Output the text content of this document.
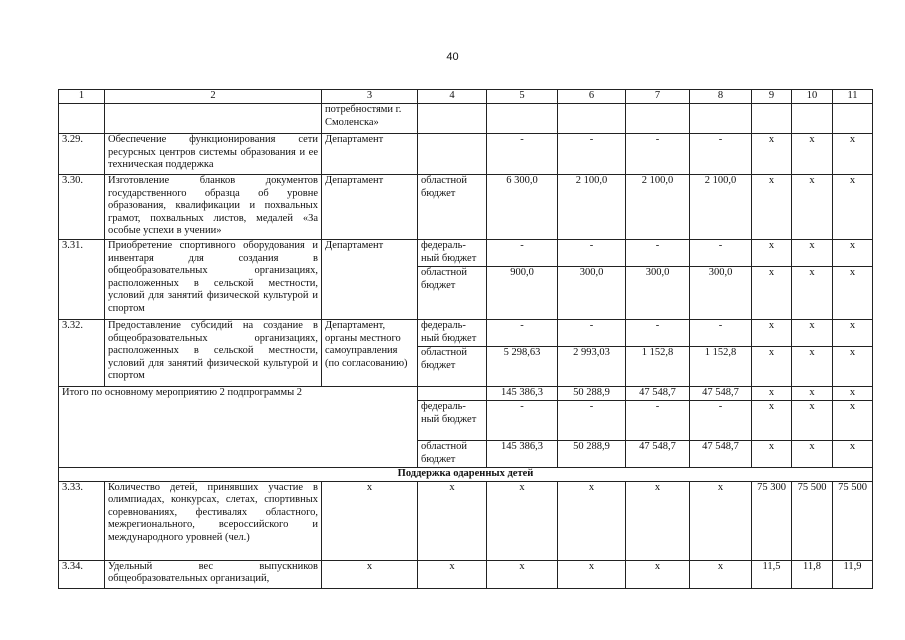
40
1	2	3	4	5	6	7	8	9	10	11
		потребностями г. Смоленска»								
3.29.	Обеспечение функционирования сети ресурсных центров системы образования и ее техническая поддержка	Департамент		-	-	-	-	x	x	x
3.30.	Изготовление бланков документов государственного образца об уровне образования, квалификации и похвальных грамот, похвальных листов, медалей «За особые успехи в учении»	Департамент	областной бюджет	6 300,0	2 100,0	2 100,0	2 100,0	x	x	x
3.31.	Приобретение спортивного оборудования и инвентаря для создания в общеобразовательных организациях, расположенных в сельской местности, условий для занятий физической культурой и спортом	Департамент	федераль-ный бюджет	-	-	-	-	x	x	x
			областной бюджет	900,0	300,0	300,0	300,0	x	x	x
3.32.	Предоставление субсидий на создание в общеобразовательных организациях, расположенных в сельской местности, условий для занятий физической культурой и спортом	Департамент, органы местного самоуправления (по согласованию)	федераль-ный бюджет	-	-	-	-	x	x	x
			областной бюджет	5 298,63	2 993,03	1 152,8	1 152,8	x	x	x
Итого по основному мероприятию 2 подпрограммы 2				145 386,3	50 288,9	47 548,7	47 548,7	x	x	x
			федераль-ный бюджет	-	-	-	-	x	x	x
			областной бюджет	145 386,3	50 288,9	47 548,7	47 548,7	x	x	x
Поддержка одаренных детей										
3.33.	Количество детей, принявших участие в олимпиадах, конкурсах, слетах, спортивных соревнованиях, фестивалях областного, межрегионального, всероссийского и международного уровней (чел.)	x	x	x	x	x	x	75 300	75 500	75 500
3.34.	Удельный вес выпускников общеобразовательных организаций,	x	x	x	x	x	x	11,5	11,8	11,9
